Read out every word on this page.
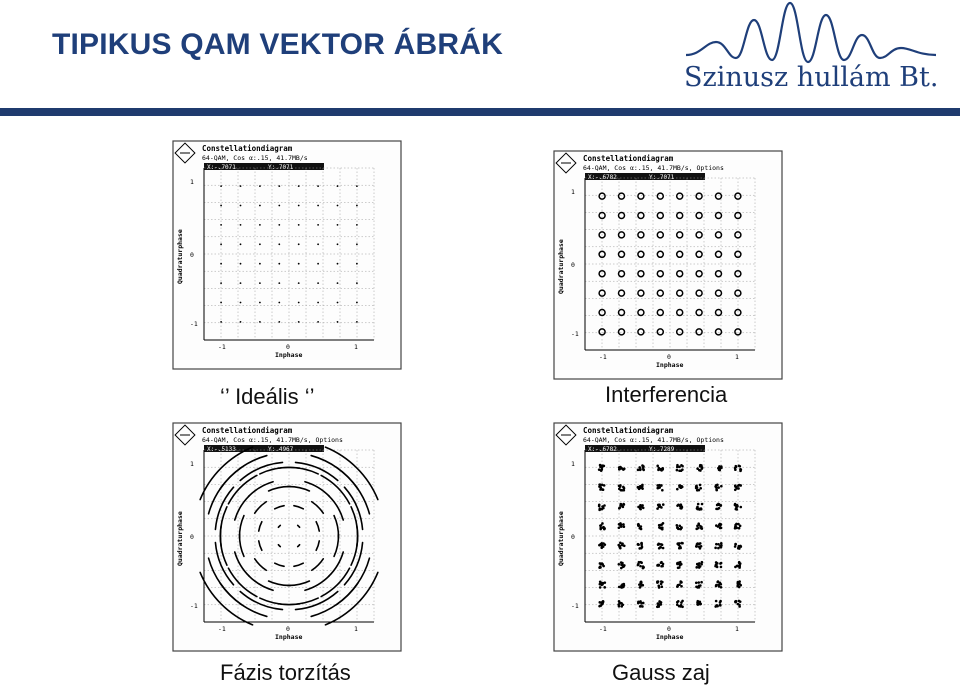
TIPIKUS QAM VEKTOR ÁBRÁK
Szinusz hullám Bt.
Constellationdiagram
64-QAM, Cos α:.15, 41.7MB/s
X:-.7071	Y:.7071
-1	0	1
1
0
-1
Inphase
Quadraturphase
Constellationdiagram
64-QAM, Cos α:.15, 41.7MB/s, Options
X:-.6782	Y:.7071
-1	0	1
1
0
-1
Inphase
Quadraturphase
Constellationdiagram
64-QAM, Cos α:.15, 41.7MB/s, Options
X:-.5133	Y:.4967
-1	0	1
1
0
-1
Inphase
Quadraturphase
Constellationdiagram
64-QAM, Cos α:.15, 41.7MB/s, Options
X:-.6782	Y:.7289
-1	0	1
1
0
-1
Inphase
Quadraturphase
‘’ Ideális ‘’	Interferencia
Fázis torzítás	Gauss zaj
